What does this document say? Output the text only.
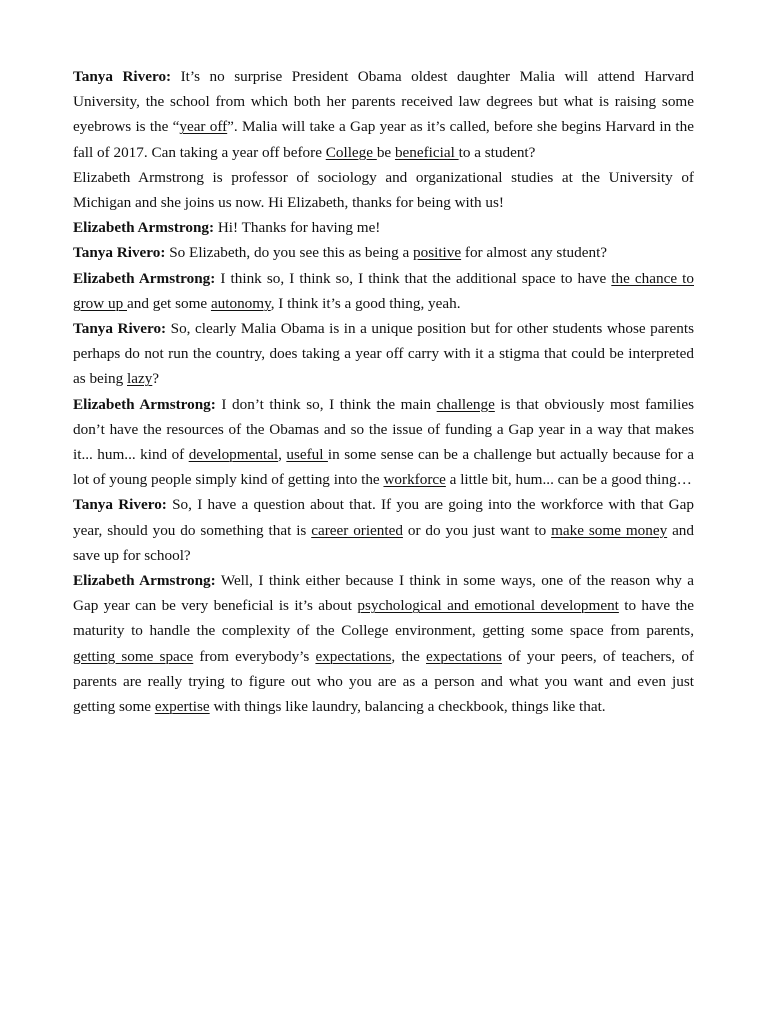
Tanya Rivero: It’s no surprise President Obama oldest daughter Malia will attend Harvard University, the school from which both her parents received law degrees but what is raising some eyebrows is the “year off”. Malia will take a Gap year as it’s called, before she begins Harvard in the fall of 2017. Can taking a year off before College be beneficial to a student?

Elizabeth Armstrong is professor of sociology and organizational studies at the University of Michigan and she joins us now. Hi Elizabeth, thanks for being with us!

Elizabeth Armstrong: Hi! Thanks for having me!

Tanya Rivero: So Elizabeth, do you see this as being a positive for almost any student?

Elizabeth Armstrong: I think so, I think so, I think that the additional space to have the chance to grow up and get some autonomy, I think it’s a good thing, yeah.

Tanya Rivero: So, clearly Malia Obama is in a unique position but for other students whose parents perhaps do not run the country, does taking a year off carry with it a stigma that could be interpreted as being lazy?

Elizabeth Armstrong: I don’t think so, I think the main challenge is that obviously most families don’t have the resources of the Obamas and so the issue of funding a Gap year in a way that makes it... hum... kind of developmental, useful in some sense can be a challenge but actually because for a lot of young people simply kind of getting into the workforce a little bit, hum... can be a good thing…

Tanya Rivero: So, I have a question about that. If you are going into the workforce with that Gap year, should you do something that is career oriented or do you just want to make some money and save up for school?

Elizabeth Armstrong: Well, I think either because I think in some ways, one of the reason why a Gap year can be very beneficial is it’s about psychological and emotional development to have the maturity to handle the complexity of the College environment, getting some space from parents, getting some space from everybody’s expectations, the expectations of your peers, of teachers, of parents are really trying to figure out who you are as a person and what you want and even just getting some expertise with things like laundry, balancing a checkbook, things like that.
